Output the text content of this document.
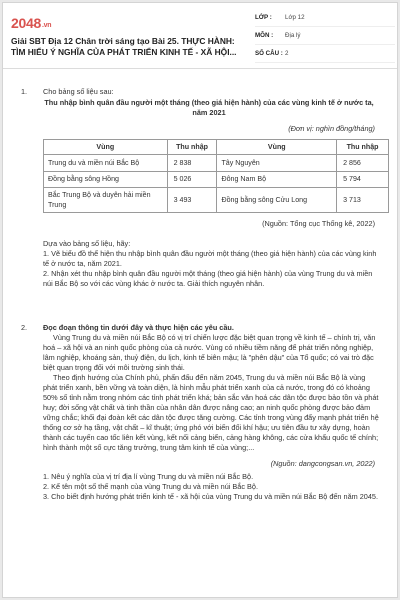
2048.vn
Giải SBT Địa 12 Chân trời sáng tạo Bài 25. THỰC HÀNH: TÌM HIỂU Ý NGHĨA CỦA PHÁT TRIỂN KINH TẾ - XÃ HỘI...
LỚP :	Lớp 12
MÔN :	Địa lý
SỐ CÂU : 2
1. Cho bảng số liệu sau:
Thu nhập bình quân đầu người một tháng (theo giá hiện hành) của các vùng kinh tế ở nước ta, năm 2021
(Đơn vị: nghìn đồng/tháng)
Vùng	Thu nhập	Vùng	Thu nhập
Trung du và miền núi Bắc Bộ	2 838	Tây Nguyên	2 856
Đồng bằng sông Hồng	5 026	Đông Nam Bộ	5 794
Bắc Trung Bộ và duyên hải miền Trung	3 493	Đồng bằng sông Cửu Long	3 713
(Nguồn: Tổng cục Thống kê, 2022)
Dựa vào bảng số liệu, hãy:
1. Vẽ biểu đồ thể hiện thu nhập bình quân đầu người một tháng (theo giá hiện hành) của các vùng kinh tế ở nước ta, năm 2021.
2. Nhận xét thu nhập bình quân đầu người một tháng (theo giá hiện hành) của vùng Trung du và miền núi Bắc Bộ so với các vùng khác ở nước ta. Giải thích nguyên nhân.
2. Đọc đoạn thông tin dưới đây và thực hiện các yêu cầu.
Vùng Trung du và miền núi Bắc Bộ có vị trí chiến lược đặc biệt quan trọng về kinh tế – chính trị, văn hoá – xã hội và an ninh quốc phòng của cả nước. Vùng có nhiều tiềm năng để phát triển nông nghiệp, lâm nghiệp, khoáng sản, thuỷ điện, du lịch, kinh tế biên mậu; là "phên dậu" của Tổ quốc; có vai trò đặc biệt quan trọng đối với môi trường sinh thái.
Theo định hướng của Chính phủ, phấn đấu đến năm 2045, Trung du và miền núi Bắc Bộ là vùng phát triển xanh, bền vững và toàn diện, là hình mẫu phát triển xanh của cả nước, trong đó có khoảng 50% số tỉnh nằm trong nhóm các tỉnh phát triển khá; bản sắc văn hoá các dân tộc được bảo tồn và phát huy; đời sống vật chất và tinh thần của nhân dân được nâng cao; an ninh quốc phòng được bảo đảm vững chắc; khối đại đoàn kết các dân tộc được tăng cường. Các tỉnh trong vùng đẩy mạnh phát triển hệ thống cơ sở hạ tầng, vật chất – kĩ thuật; ứng phó với biến đổi khí hậu; ưu tiên đầu tư xây dựng, hoàn thành các tuyến cao tốc liên kết vùng, kết nối cảng biển, cảng hàng không, các cửa khẩu quốc tế chính; hình thành một số cực tăng trưởng, trung tâm kinh tế của vùng;...
(Nguồn: dangcongsan.vn, 2022)
1. Nêu ý nghĩa của vị trí địa lí vùng Trung du và miền núi Bắc Bộ.
2. Kể tên một số thế mạnh của vùng Trung du và miền núi Bắc Bộ.
3. Cho biết định hướng phát triển kinh tế - xã hội của vùng Trung du và miền núi Bắc Bộ đến năm 2045.
